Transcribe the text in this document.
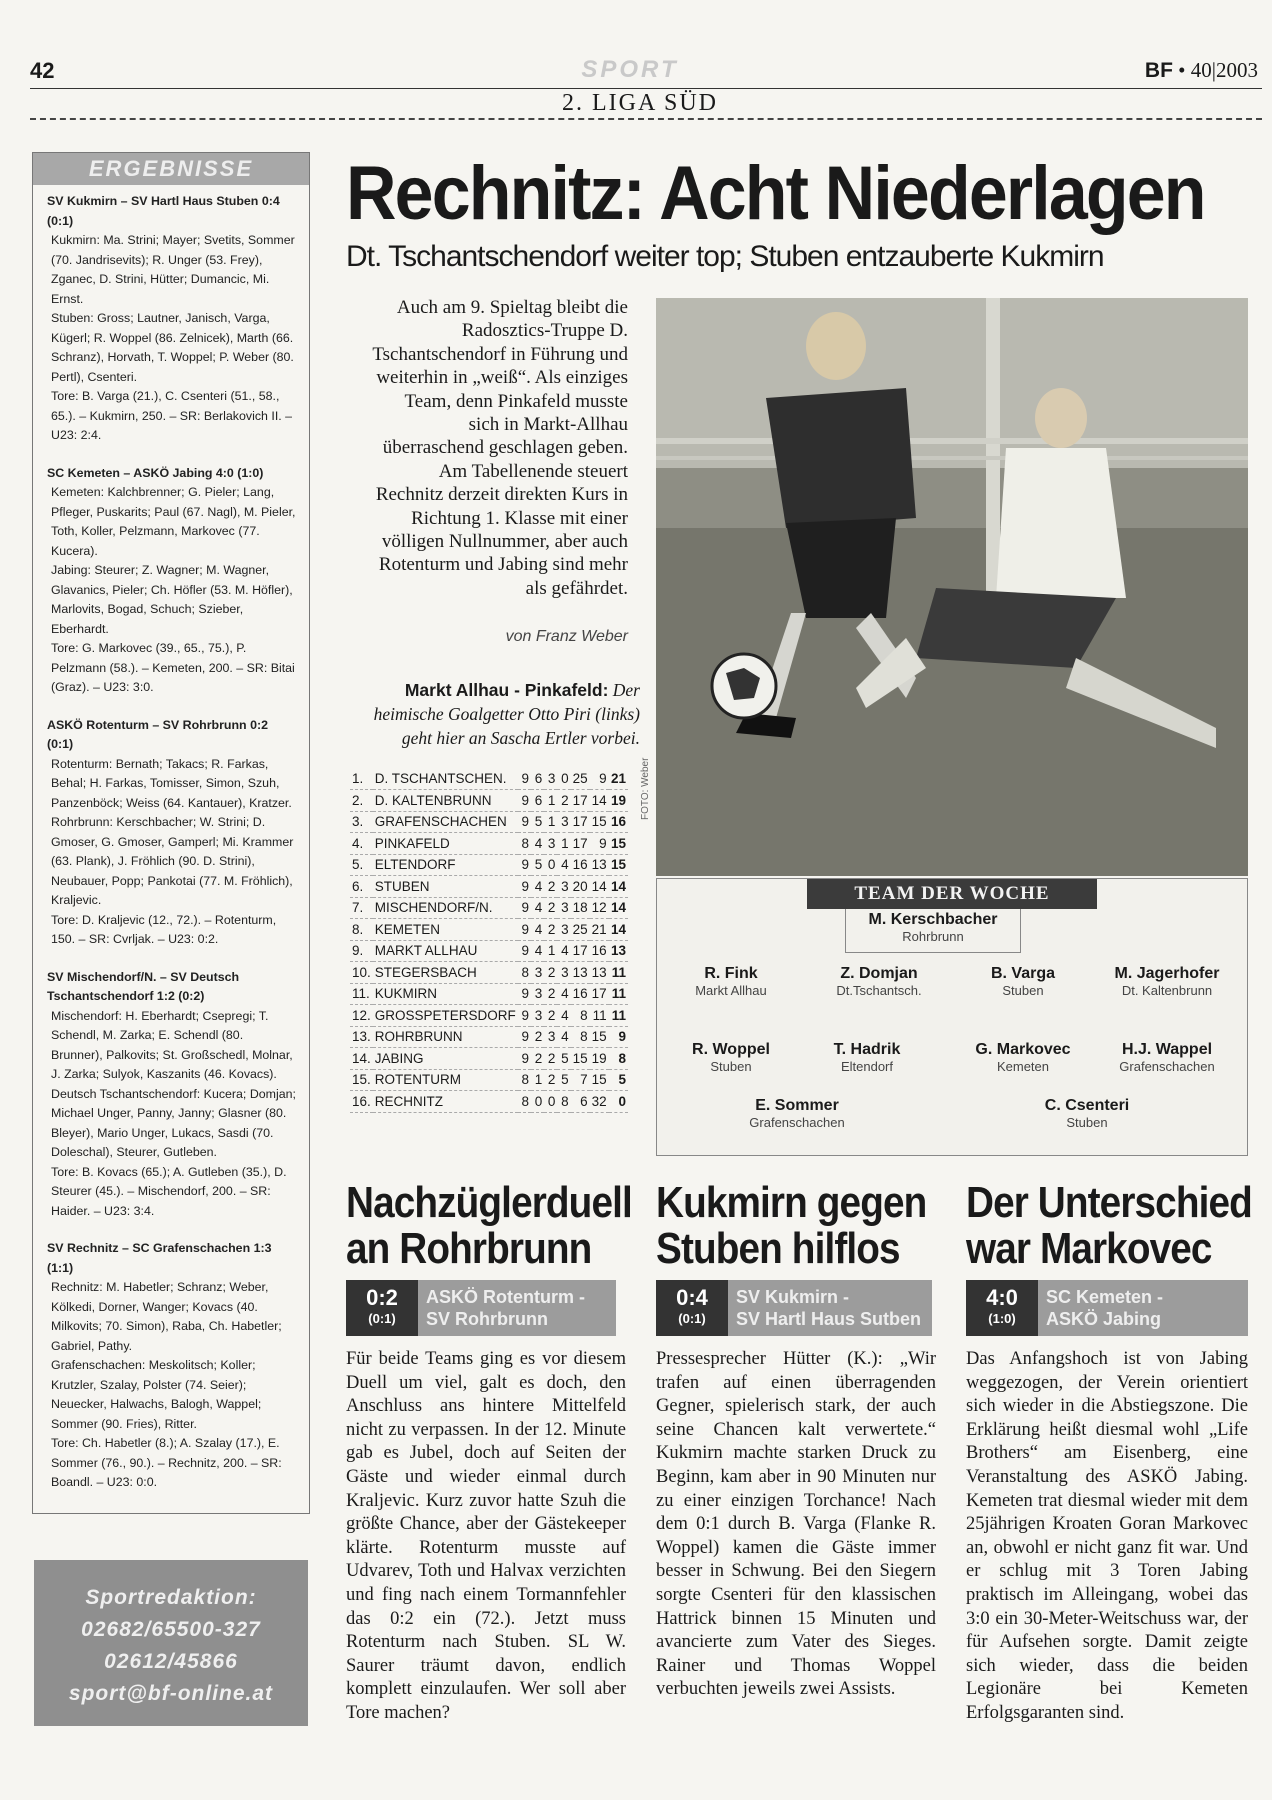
42	SPORT	BF • 40|2003
2. LIGA SÜD
ERGEBNISSE
SV Kukmirn – SV Hartl Haus Stuben 0:4 (0:1)
Kukmirn: Ma. Strini; Mayer; Svetits, Sommer (70. Jandrisevits); R. Unger (53. Frey), Zganec, D. Strini, Hütter; Dumancic, Mi. Ernst.
Stuben: Gross; Lautner, Janisch, Varga, Kügerl; R. Woppel (86. Zelnicek), Marth (66. Schranz), Horvath, T. Woppel; P. Weber (80. Pertl), Csenteri.
Tore: B. Varga (21.), C. Csenteri (51., 58., 65.). – Kukmirn, 250. – SR: Berlakovich II. – U23: 2:4.
SC Kemeten – ASKÖ Jabing 4:0 (1:0)
Kemeten: Kalchbrenner; G. Pieler; Lang, Pfleger, Puskarits; Paul (67. Nagl), M. Pieler, Toth, Koller, Pelzmann, Markovec (77. Kucera).
Jabing: Steurer; Z. Wagner; M. Wagner, Glavanics, Pieler; Ch. Höfler (53. M. Höfler), Marlovits, Bogad, Schuch; Szieber, Eberhardt.
Tore: G. Markovec (39., 65., 75.), P. Pelzmann (58.). – Kemeten, 200. – SR: Bitai (Graz). – U23: 3:0.
ASKÖ Rotenturm – SV Rohrbrunn 0:2 (0:1)
Rotenturm: Bernath; Takacs; R. Farkas, Behal; H. Farkas, Tomisser, Simon, Szuh, Panzenböck; Weiss (64. Kantauer), Kratzer.
Rohrbrunn: Kerschbacher; W. Strini; D. Gmoser, G. Gmoser, Gamperl; Mi. Krammer (63. Plank), J. Fröhlich (90. D. Strini), Neubauer, Popp; Pankotai (77. M. Fröhlich), Kraljevic.
Tore: D. Kraljevic (12., 72.). – Rotenturm, 150. – SR: Cvrljak. – U23: 0:2.
SV Mischendorf/N. – SV Deutsch Tschantschendorf 1:2 (0:2)
Mischendorf: H. Eberhardt; Csepregi; T. Schendl, M. Zarka; E. Schendl (80. Brunner), Palkovits; St. Großschedl, Molnar, J. Zarka; Sulyok, Kaszanits (46. Kovacs).
Deutsch Tschantschendorf: Kucera; Domjan; Michael Unger, Panny, Janny; Glasner (80. Bleyer), Mario Unger, Lukacs, Sasdi (70. Doleschal), Steurer, Gutleben.
Tore: B. Kovacs (65.); A. Gutleben (35.), D. Steurer (45.). – Mischendorf, 200. – SR: Haider. – U23: 3:4.
SV Rechnitz – SC Grafenschachen 1:3 (1:1)
Rechnitz: M. Habetler; Schranz; Weber, Kölkedi, Dorner, Wanger; Kovacs (40. Milkovits; 70. Simon), Raba, Ch. Habetler; Gabriel, Pathy.
Grafenschachen: Meskolitsch; Koller; Krutzler, Szalay, Polster (74. Seier); Neuecker, Halwachs, Balogh, Wappel; Sommer (90. Fries), Ritter.
Tore: Ch. Habetler (8.); A. Szalay (17.), E. Sommer (76., 90.). – Rechnitz, 200. – SR: Boandl. – U23: 0:0.
Sportredaktion:
02682/65500-327
02612/45866
sport@bf-online.at
Rechnitz: Acht Niederlagen
Dt. Tschantschendorf weiter top; Stuben entzauberte Kukmirn
Auch am 9. Spieltag bleibt die Radosztics-Truppe D. Tschantschendorf in Führung und weiterhin in „weiß“. Als einziges Team, denn Pinkafeld musste sich in Markt-Allhau überraschend geschlagen geben. Am Tabellenende steuert Rechnitz derzeit direkten Kurs in Richtung 1. Klasse mit einer völligen Nullnummer, aber auch Rotenturm und Jabing sind mehr als gefährdet.
von Franz Weber
Markt Allhau - Pinkafeld: Der heimische Goalgetter Otto Piri (links) geht hier an Sascha Ertler vorbei.
1.	D. TSCHANTSCHEN.	9	6	3	0	25	9	21
2.	D. KALTENBRUNN	9	6	1	2	17	14	19
3.	GRAFENSCHACHEN	9	5	1	3	17	15	16
4.	PINKAFELD	8	4	3	1	17	9	15
5.	ELTENDORF	9	5	0	4	16	13	15
6.	STUBEN	9	4	2	3	20	14	14
7.	MISCHENDORF/N.	9	4	2	3	18	12	14
8.	KEMETEN	9	4	2	3	25	21	14
9.	MARKT ALLHAU	9	4	1	4	17	16	13
10.	STEGERSBACH	8	3	2	3	13	13	11
11.	KUKMIRN	9	3	2	4	16	17	11
12.	GROSSPETERSDORF	9	3	2	4	8	11	11
13.	ROHRBRUNN	9	2	3	4	8	15	9
14.	JABING	9	2	2	5	15	19	8
15.	ROTENTURM	8	1	2	5	7	15	5
16.	RECHNITZ	8	0	0	8	6	32	0
FOTO: Weber
TEAM DER WOCHE
M. Kerschbacher
Rohrbrunn
R. Fink
Markt Allhau
Z. Domjan
Dt.Tschantsch.
B. Varga
Stuben
M. Jagerhofer
Dt. Kaltenbrunn
R. Woppel
Stuben
T. Hadrik
Eltendorf
G. Markovec
Kemeten
H.J. Wappel
Grafenschachen
E. Sommer
Grafenschachen
C. Csenteri
Stuben
Nachzüglerduell
an Rohrbrunn
0:2
(0:1)
ASKÖ Rotenturm -
SV Rohrbrunn
Für beide Teams ging es vor diesem Duell um viel, galt es doch, den Anschluss ans hintere Mittelfeld nicht zu verpassen. In der 12. Minute gab es Jubel, doch auf Seiten der Gäste und wieder einmal durch Kraljevic. Kurz zuvor hatte Szuh die größte Chance, aber der Gästekeeper klärte. Rotenturm musste auf Udvarev, Toth und Halvax verzichten und fing nach einem Tormannfehler das 0:2 ein (72.). Jetzt muss Rotenturm nach Stuben. SL W. Saurer träumt davon, endlich komplett einzulaufen. Wer soll aber Tore machen?
Kukmirn gegen
Stuben hilflos
0:4
(0:1)
SV Kukmirn -
SV Hartl Haus Sutben
Pressesprecher Hütter (K.): „Wir trafen auf einen überragenden Gegner, spielerisch stark, der auch seine Chancen kalt verwertete.“ Kukmirn machte starken Druck zu Beginn, kam aber in 90 Minuten nur zu einer einzigen Torchance! Nach dem 0:1 durch B. Varga (Flanke R. Woppel) kamen die Gäste immer besser in Schwung. Bei den Siegern sorgte Csenteri für den klassischen Hattrick binnen 15 Minuten und avancierte zum Vater des Sieges. Rainer und Thomas Woppel verbuchten jeweils zwei Assists.
Der Unterschied
war Markovec
4:0
(1:0)
SC Kemeten -
ASKÖ Jabing
Das Anfangshoch ist von Jabing weggezogen, der Verein orientiert sich wieder in die Abstiegszone. Die Erklärung heißt diesmal wohl „Life Brothers“ am Eisenberg, eine Veranstaltung des ASKÖ Jabing. Kemeten trat diesmal wieder mit dem 25jährigen Kroaten Goran Markovec an, obwohl er nicht ganz fit war. Und er schlug mit 3 Toren Jabing praktisch im Alleingang, wobei das 3:0 ein 30-Meter-Weitschuss war, der für Aufsehen sorgte. Damit zeigte sich wieder, dass die beiden Legionäre bei Kemeten Erfolgsgaranten sind.
